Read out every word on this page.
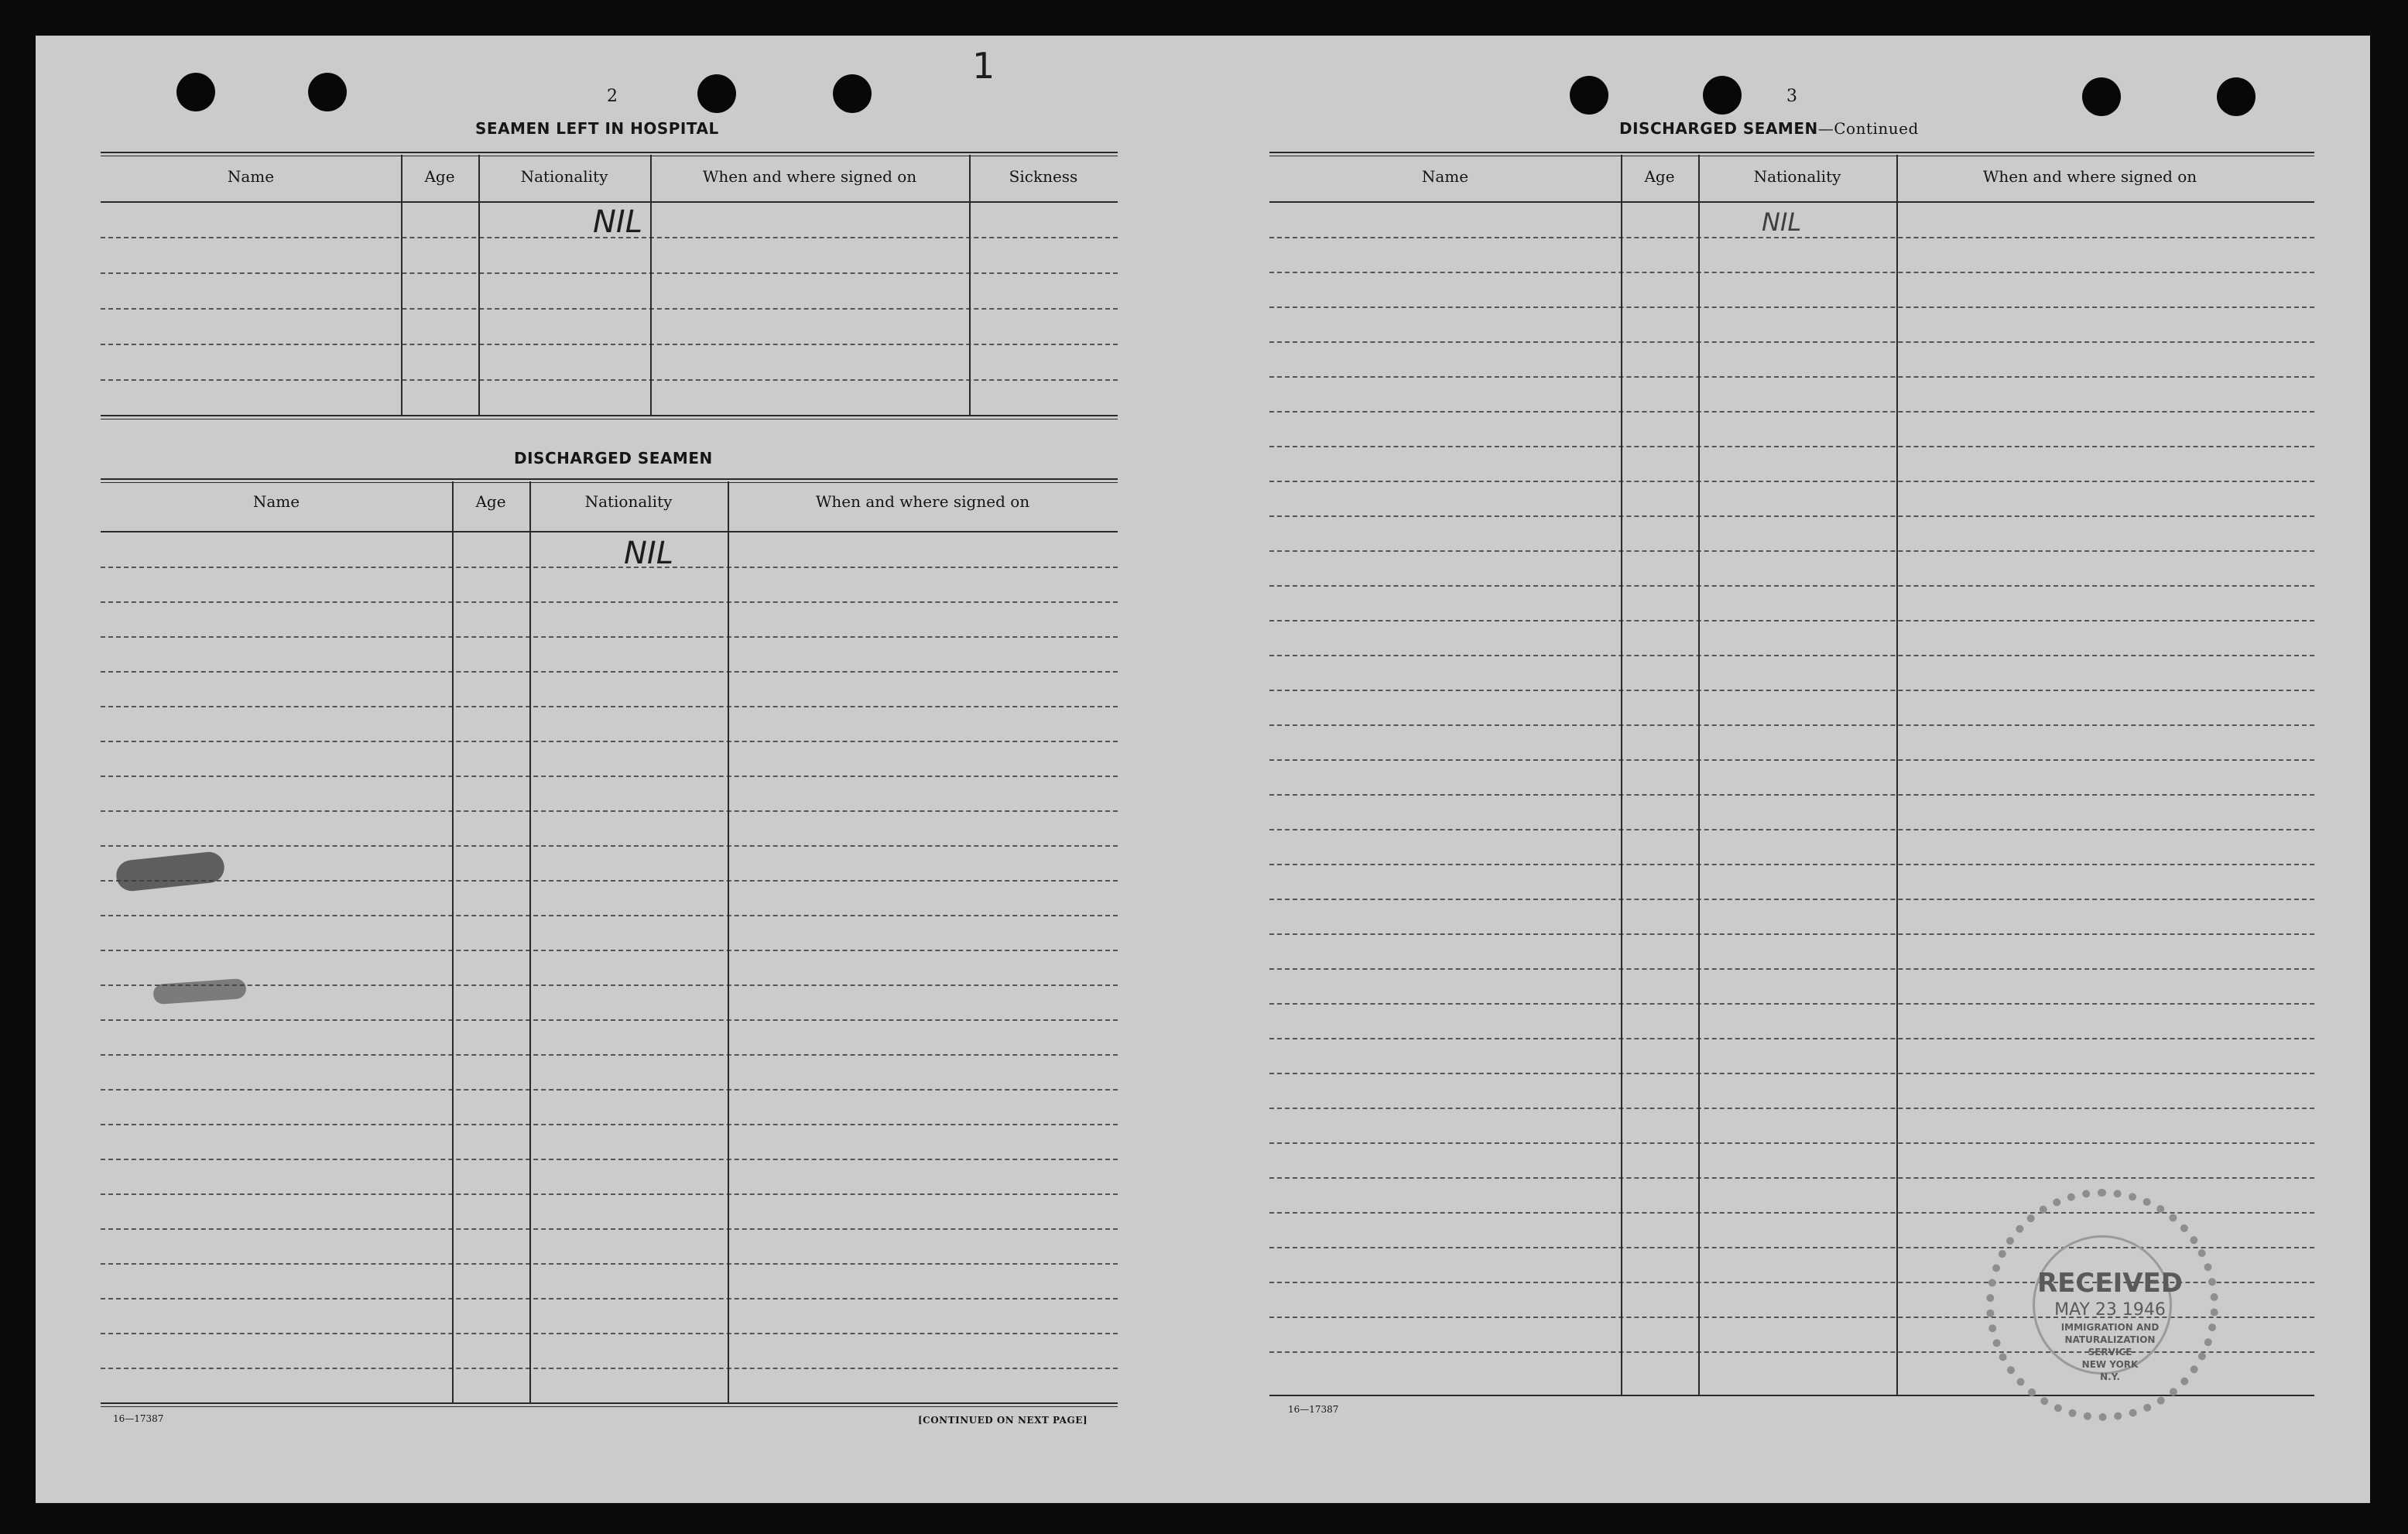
1
2
SEAMEN LEFT IN HOSPITAL
Name	Age	Nationality	When and where signed on	Sickness
NIL
DISCHARGED SEAMEN
Name	Age	Nationality	When and where signed on
NIL
16—17387	[CONTINUED ON NEXT PAGE]
3
DISCHARGED SEAMEN—Continued
Name	Age	Nationality	When and where signed on
NIL
16—17387
RECEIVED
MAY 23 1946
IMMIGRATION AND
NATURALIZATION
SERVICE
NEW YORK
N.Y.
